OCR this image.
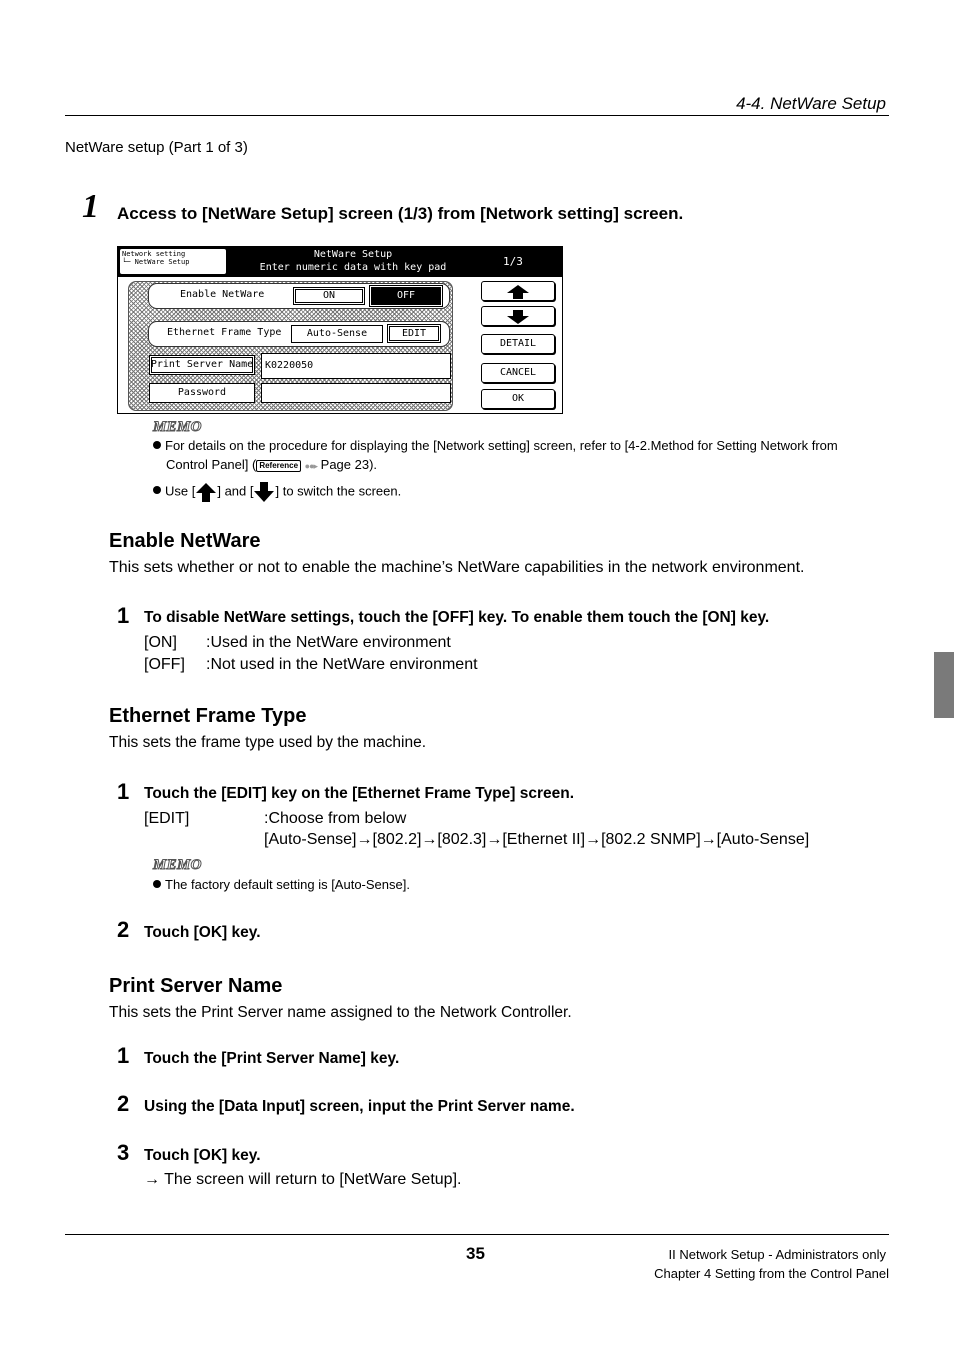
4-4. NetWare Setup
NetWare setup (Part 1 of 3)
1 Access to [NetWare Setup] screen (1/3) from [Network setting] screen.
Network setting
└─ NetWare Setup
NetWare Setup
Enter numeric data with key pad	1/3
Enable NetWare	ON	OFF
Ethernet Frame Type	Auto-Sense	EDIT
Print Server Name K0220050
Password
DETAIL
CANCEL
OK
MEMO
For details on the procedure for displaying the [Network setting] screen, refer to [4-2.Method for Setting Network from
Control Panel] ( Reference ●●▸ Page 23).
Use [ ] and [ ] to switch the screen.
Enable NetWare
This sets whether or not to enable the machine’s NetWare capabilities in the network environment.
1 To disable NetWare settings, touch the [OFF] key. To enable them touch the [ON] key.
[ON] :Used in the NetWare environment
[OFF] :Not used in the NetWare environment
Ethernet Frame Type
This sets the frame type used by the machine.
1 Touch the [EDIT] key on the [Ethernet Frame Type] screen.
[EDIT]	:Choose from below
[Auto-Sense]→[802.2]→[802.3]→[Ethernet II]→[802.2 SNMP]→[Auto-Sense]
MEMO
The factory default setting is [Auto-Sense].
2 Touch [OK] key.
Print Server Name
This sets the Print Server name assigned to the Network Controller.
1 Touch the [Print Server Name] key.
2 Using the [Data Input] screen, input the Print Server name.
3 Touch [OK] key.
→ The screen will return to [NetWare Setup].
35	II Network Setup - Administrators only
Chapter 4 Setting from the Control Panel
